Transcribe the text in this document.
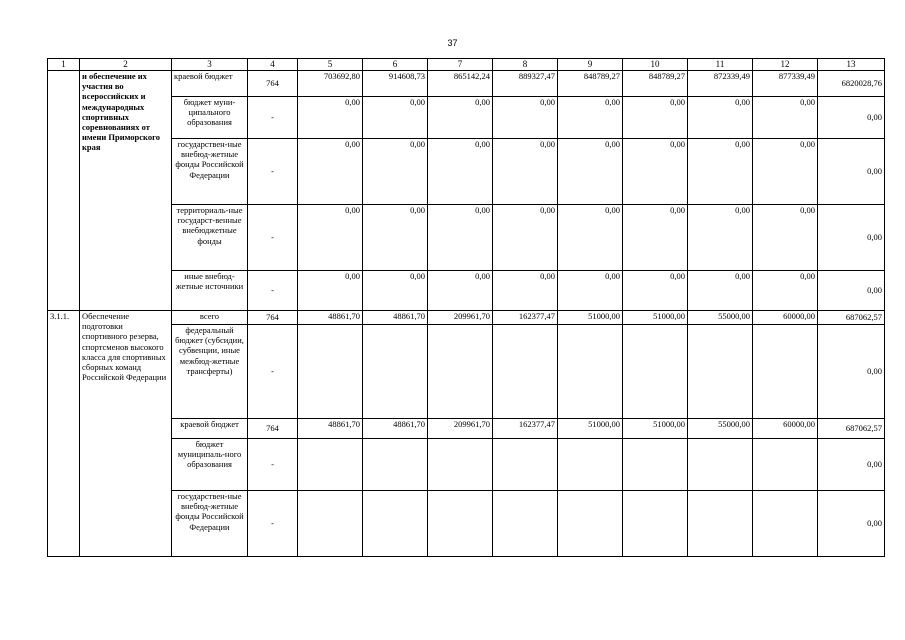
37
1	2	3	4	5	6	7	8	9	10	11	12	13
	и обеспечение их участия во всероссийских и международных спортивных соревнованиях от имени Приморского края	краевой бюджет	764	703692,80	914608,73	865142,24	889327,47	848789,27	848789,27	872339,49	877339,49	6820028,76
		бюджет муни-ципального образования	-	0,00	0,00	0,00	0,00	0,00	0,00	0,00	0,00	0,00
		государствен-ные внебюд-жетные фонды Российской Федерации	-	0,00	0,00	0,00	0,00	0,00	0,00	0,00	0,00	0,00
		территориаль-ные государст-венные внебюджетные фонды	-	0,00	0,00	0,00	0,00	0,00	0,00	0,00	0,00	0,00
		иные внебюд-жетные источники	-	0,00	0,00	0,00	0,00	0,00	0,00	0,00	0,00	0,00
3.1.1.	Обеспечение подготовки спортивного резерва, спортсменов высокого класса для спортивных сборных команд Российской Федерации	всего	764	48861,70	48861,70	209961,70	162377,47	51000,00	51000,00	55000,00	60000,00	687062,57
		федеральный бюджет (субсидии, субвенции, иные межбюд-жетные трансферты)	-									0,00
		краевой бюджет	764	48861,70	48861,70	209961,70	162377,47	51000,00	51000,00	55000,00	60000,00	687062,57
		бюджет муниципаль-ного образования	-									0,00
		государствен-ные внебюд-жетные фонды Российской Федерации	-									0,00
